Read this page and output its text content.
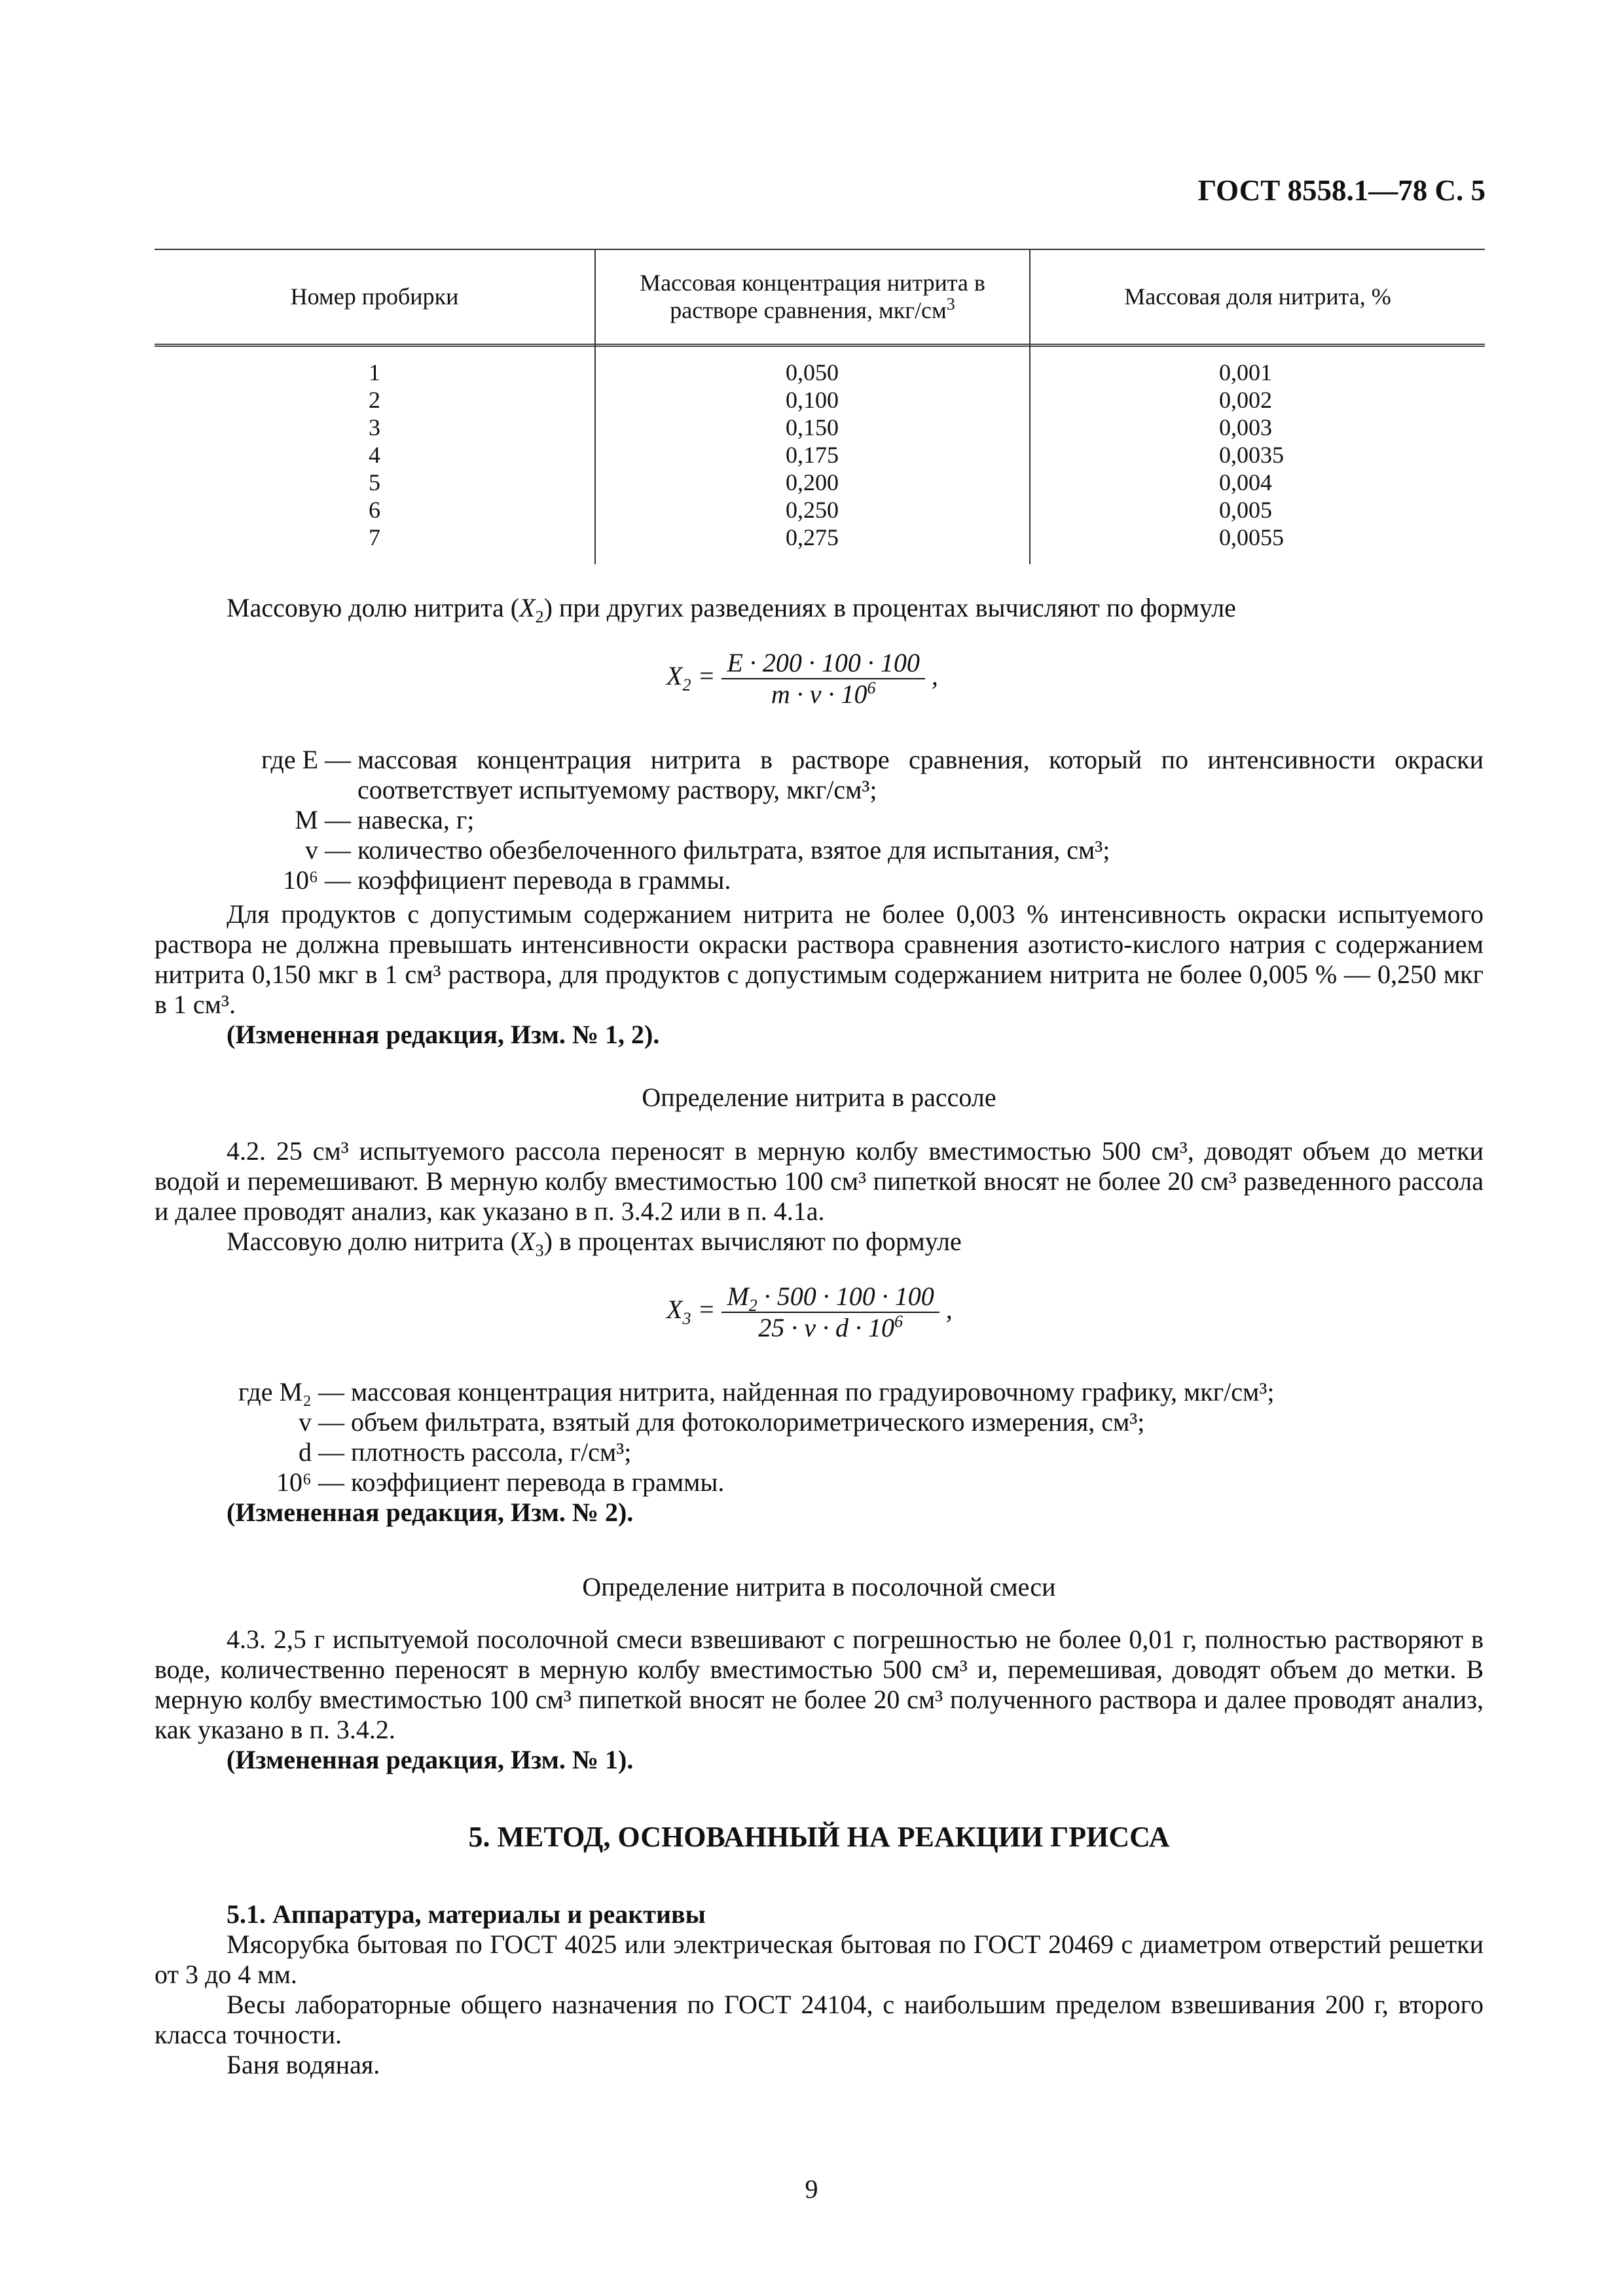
ГОСТ 8558.1—78 С. 5
Номер пробирки
Массовая концентрация нитрита в растворе сравнения, мкг/$см^3$	Массовая доля нитрита, %
1
2
3
4
5
6
7
0,050
0,100
0,150
0,175
0,200
0,250
0,275
0,001
0,002
0,003
0,0035
0,004
0,005
0,0055

Массовую долю нитрита $(X_2)$ при других разведениях в процентах вычисляют по формуле

$X_2 = \frac{E \cdot 200 \cdot 100 \cdot 100}{m \cdot v \cdot 10^6}$ ,
где E — массовая концентрация нитрита в растворе сравнения, который по интенсивности окраски соответствует испытуемому раствору, мкг/см³;
M — навеска, г;
v — количество обезбелоченного фильтрата, взятое для испытания, см³;
10⁶ — коэффициент перевода в граммы.

Для продуктов с допустимым содержанием нитрита не более 0,003 % интенсивность окраски испытуемого раствора не должна превышать интенсивности окраски раствора сравнения азотисто-кислого натрия с содержанием нитрита 0,150 мкг в 1 см³ раствора, для продуктов с допустимым содержанием нитрита не более 0,005 % — 0,250 мкг в 1 см³.

(Измененная редакция, Изм. № 1, 2).

Определение нитрита в рассоле

4.2. 25 см³ испытуемого рассола переносят в мерную колбу вместимостью 500 см³, доводят объем до метки водой и перемешивают. В мерную колбу вместимостью 100 см³ пипеткой вносят не более 20 см³ разведенного рассола и далее проводят анализ, как указано в п. 3.4.2 или в п. 4.1а.

Массовую долю нитрита $(X_3)$ в процентах вычисляют по формуле

$X_3 = \frac{M_2 \cdot 500 \cdot 100 \cdot 100}{25 \cdot v \cdot d \cdot 10^6}$ ,
где M₂ — массовая концентрация нитрита, найденная по градуировочному графику, мкг/см³;
v — объем фильтрата, взятый для фотоколориметрического измерения, см³;
d — плотность рассола, г/см³;
10⁶ — коэффициент перевода в граммы.
(Измененная редакция, Изм. № 2).
Определение нитрита в посолочной смеси

4.3. 2,5 г испытуемой посолочной смеси взвешивают с погрешностью не более 0,01 г, полностью растворяют в воде, количественно переносят в мерную колбу вместимостью 500 см³ и, перемешивая, доводят объем до метки. В мерную колбу вместимостью 100 см³ пипеткой вносят не более 20 см³ полученного раствора и далее проводят анализ, как указано в п. 3.4.2.

(Измененная редакция, Изм. № 1).

5. МЕТОД, ОСНОВАННЫЙ НА РЕАКЦИИ ГРИССА

5.1. Аппаратура, материалы и реактивы

Мясорубка бытовая по ГОСТ 4025 или электрическая бытовая по ГОСТ 20469 с диаметром отверстий решетки от 3 до 4 мм.

Весы лабораторные общего назначения по ГОСТ 24104, с наибольшим пределом взвешивания 200 г, второго класса точности.

Баня водяная.

9
